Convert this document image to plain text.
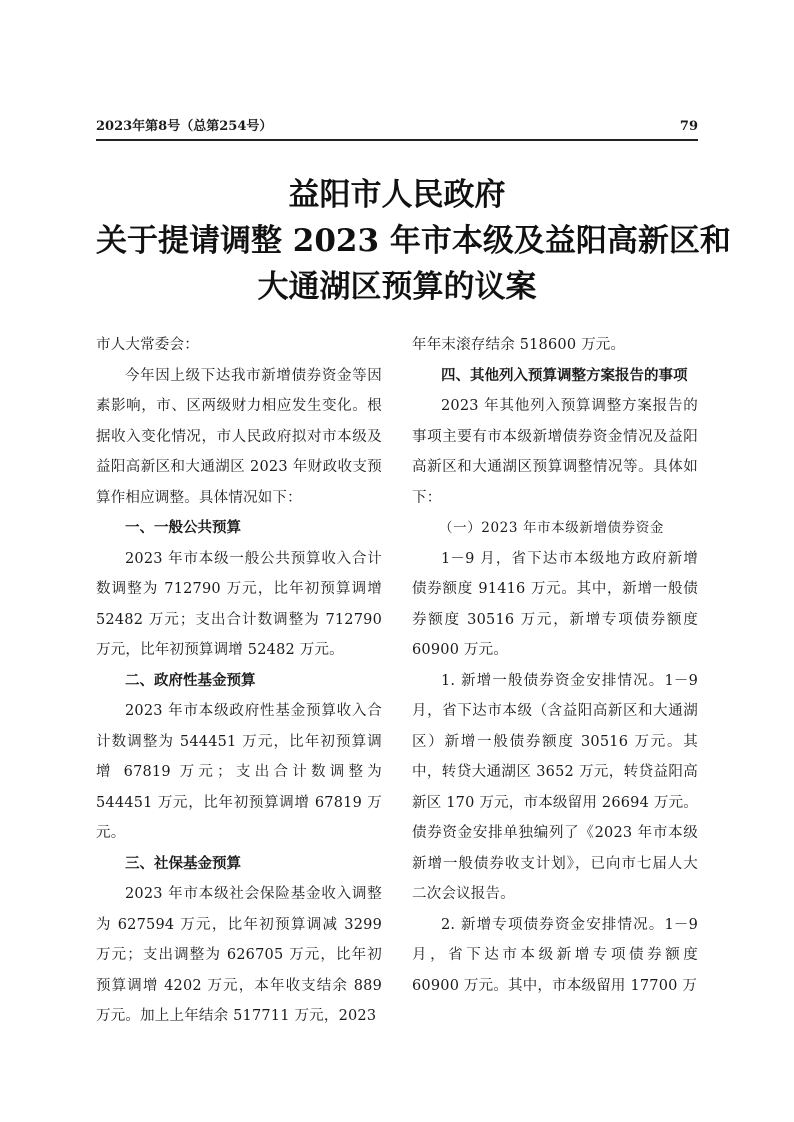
2023年第8号（总第254号）	79
益阳市人民政府
关于提请调整 2023 年市本级及益阳高新区和
大通湖区预算的议案

市人大常委会：

今年因上级下达我市新增债券资金等因素影响，市、区两级财力相应发生变化。根据收入变化情况，市人民政府拟对市本级及益阳高新区和大通湖区 2023 年财政收支预算作相应调整。具体情况如下：

一、一般公共预算

2023 年市本级一般公共预算收入合计数调整为 712790 万元，比年初预算调增 52482 万元；支出合计数调整为 712790 万元，比年初预算调增 52482 万元。

二、政府性基金预算

2023 年市本级政府性基金预算收入合计数调整为 544451 万元，比年初预算调增 67819 万元；支出合计数调整为 544451 万元，比年初预算调增 67819 万元。

三、社保基金预算

2023 年市本级社会保险基金收入调整为 627594 万元，比年初预算调减 3299 万元；支出调整为 626705 万元，比年初预算调增 4202 万元，本年收支结余 889 万元。加上上年结余 517711 万元，2023

年年末滚存结余 518600 万元。

四、其他列入预算调整方案报告的事项

2023 年其他列入预算调整方案报告的事项主要有市本级新增债券资金情况及益阳高新区和大通湖区预算调整情况等。具体如下：

（一）2023 年市本级新增债券资金

1－9 月，省下达市本级地方政府新增债券额度 91416 万元。其中，新增一般债券额度 30516 万元，新增专项债券额度 60900 万元。

1. 新增一般债券资金安排情况。1－9 月，省下达市本级（含益阳高新区和大通湖区）新增一般债券额度 30516 万元。其中，转贷大通湖区 3652 万元，转贷益阳高新区 170 万元，市本级留用 26694 万元。债券资金安排单独编列了《2023 年市本级新增一般债券收支计划》，已向市七届人大二次会议报告。

2. 新增专项债券资金安排情况。1－9 月，省下达市本级新增专项债券额度 60900 万元。其中，市本级留用 17700 万
